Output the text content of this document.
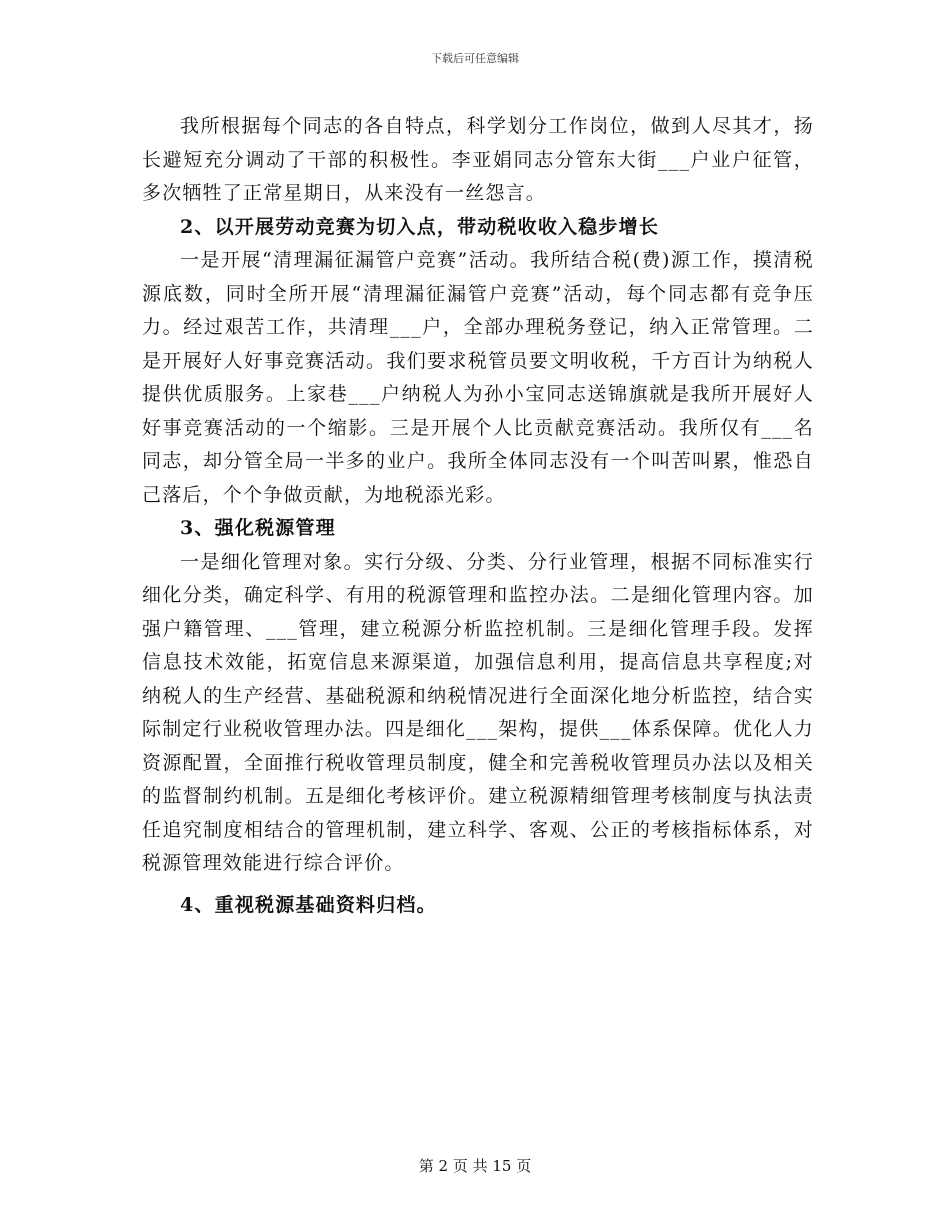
下载后可任意编辑

我所根据每个同志的各自特点，科学划分工作岗位，做到人尽其才，扬长避短充分调动了干部的积极性。李亚娟同志分管东大街___户业户征管，多次牺牲了正常星期日，从来没有一丝怨言。

2、以开展劳动竞赛为切入点，带动税收收入稳步增长

一是开展“清理漏征漏管户竞赛”活动。我所结合税(费)源工作，摸清税源底数，同时全所开展“清理漏征漏管户竞赛”活动，每个同志都有竞争压力。经过艰苦工作，共清理___户，全部办理税务登记，纳入正常管理。二是开展好人好事竞赛活动。我们要求税管员要文明收税，千方百计为纳税人提供优质服务。上家巷___户纳税人为孙小宝同志送锦旗就是我所开展好人好事竞赛活动的一个缩影。三是开展个人比贡献竞赛活动。我所仅有___名同志，却分管全局一半多的业户。我所全体同志没有一个叫苦叫累，惟恐自己落后，个个争做贡献，为地税添光彩。

3、强化税源管理

一是细化管理对象。实行分级、分类、分行业管理，根据不同标准实行细化分类，确定科学、有用的税源管理和监控办法。二是细化管理内容。加强户籍管理、___管理，建立税源分析监控机制。三是细化管理手段。发挥信息技术效能，拓宽信息来源渠道，加强信息利用，提高信息共享程度;对纳税人的生产经营、基础税源和纳税情况进行全面深化地分析监控，结合实际制定行业税收管理办法。四是细化___架构，提供___体系保障。优化人力资源配置，全面推行税收管理员制度，健全和完善税收管理员办法以及相关的监督制约机制。五是细化考核评价。建立税源精细管理考核制度与执法责任追究制度相结合的管理机制，建立科学、客观、公正的考核指标体系，对税源管理效能进行综合评价。

4、重视税源基础资料归档。

第 2 页 共 15 页
